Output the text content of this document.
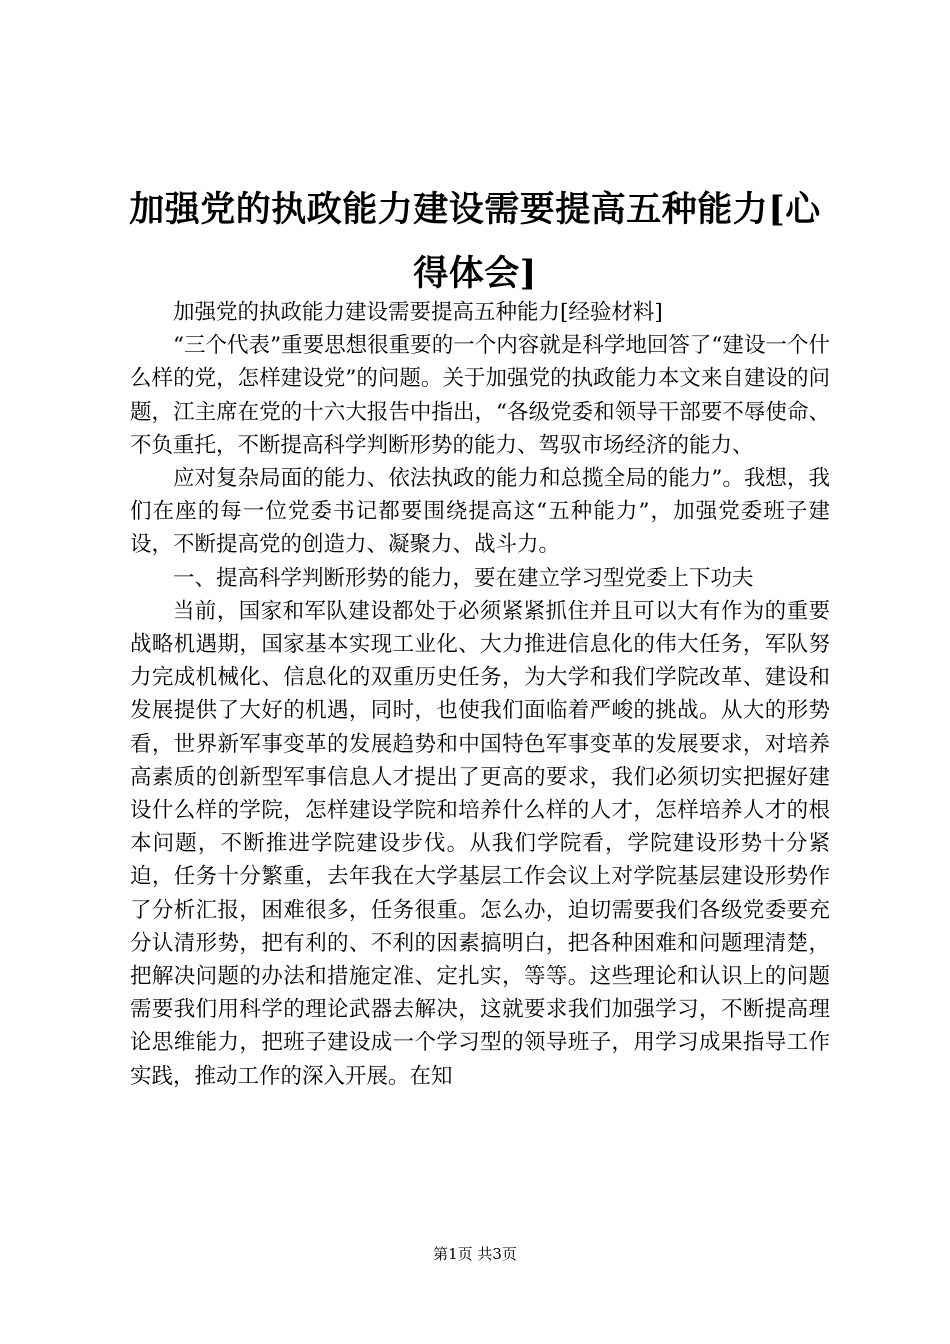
加强党的执政能力建设需要提高五种能力[心得体会]

加强党的执政能力建设需要提高五种能力[经验材料]

“三个代表”重要思想很重要的一个内容就是科学地回答了“建设一个什么样的党，怎样建设党”的问题。关于加强党的执政能力本文来自建设的问题，江主席在党的十六大报告中指出，“各级党委和领导干部要不辱使命、不负重托，不断提高科学判断形势的能力、驾驭市场经济的能力、

应对复杂局面的能力、依法执政的能力和总揽全局的能力”。我想，我们在座的每一位党委书记都要围绕提高这“五种能力”，加强党委班子建设，不断提高党的创造力、凝聚力、战斗力。

一、提高科学判断形势的能力，要在建立学习型党委上下功夫

当前，国家和军队建设都处于必须紧紧抓住并且可以大有作为的重要战略机遇期，国家基本实现工业化、大力推进信息化的伟大任务，军队努力完成机械化、信息化的双重历史任务，为大学和我们学院改革、建设和发展提供了大好的机遇，同时，也使我们面临着严峻的挑战。从大的形势看，世界新军事变革的发展趋势和中国特色军事变革的发展要求，对培养高素质的创新型军事信息人才提出了更高的要求，我们必须切实把握好建设什么样的学院，怎样建设学院和培养什么样的人才，怎样培养人才的根本问题，不断推进学院建设步伐。从我们学院看，学院建设形势十分紧迫，任务十分繁重，去年我在大学基层工作会议上对学院基层建设形势作了分析汇报，困难很多，任务很重。怎么办，迫切需要我们各级党委要充分认清形势，把有利的、不利的因素搞明白，把各种困难和问题理清楚，把解决问题的办法和措施定准、定扎实，等等。这些理论和认识上的问题需要我们用科学的理论武器去解决，这就要求我们加强学习，不断提高理论思维能力，把班子建设成一个学习型的领导班子，用学习成果指导工作实践，推动工作的深入开展。在知

第1页 共3页
